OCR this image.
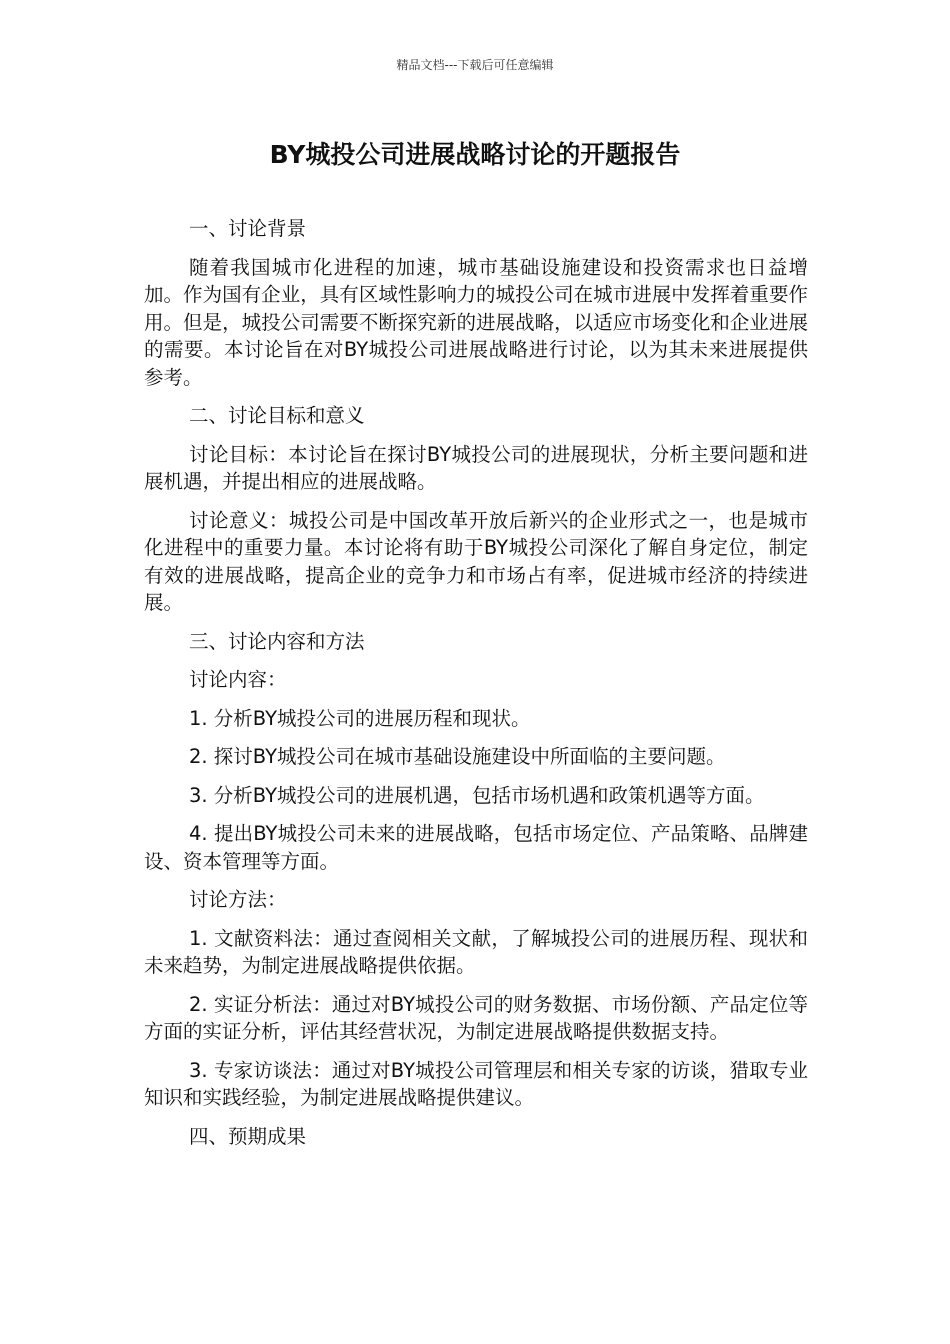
精品文档---下载后可任意编辑
BY城投公司进展战略讨论的开题报告

一、讨论背景

随着我国城市化进程的加速，城市基础设施建设和投资需求也日益增加。作为国有企业，具有区域性影响力的城投公司在城市进展中发挥着重要作用。但是，城投公司需要不断探究新的进展战略，以适应市场变化和企业进展的需要。本讨论旨在对BY城投公司进展战略进行讨论，以为其未来进展提供参考。

二、讨论目标和意义

讨论目标：本讨论旨在探讨BY城投公司的进展现状，分析主要问题和进展机遇，并提出相应的进展战略。

讨论意义：城投公司是中国改革开放后新兴的企业形式之一，也是城市化进程中的重要力量。本讨论将有助于BY城投公司深化了解自身定位，制定有效的进展战略，提高企业的竞争力和市场占有率，促进城市经济的持续进展。

三、讨论内容和方法

讨论内容：

1. 分析BY城投公司的进展历程和现状。

2. 探讨BY城投公司在城市基础设施建设中所面临的主要问题。

3. 分析BY城投公司的进展机遇，包括市场机遇和政策机遇等方面。

4. 提出BY城投公司未来的进展战略，包括市场定位、产品策略、品牌建设、资本管理等方面。

讨论方法：

1. 文献资料法：通过查阅相关文献，了解城投公司的进展历程、现状和未来趋势，为制定进展战略提供依据。

2. 实证分析法：通过对BY城投公司的财务数据、市场份额、产品定位等方面的实证分析，评估其经营状况，为制定进展战略提供数据支持。

3. 专家访谈法：通过对BY城投公司管理层和相关专家的访谈，猎取专业知识和实践经验，为制定进展战略提供建议。

四、预期成果
